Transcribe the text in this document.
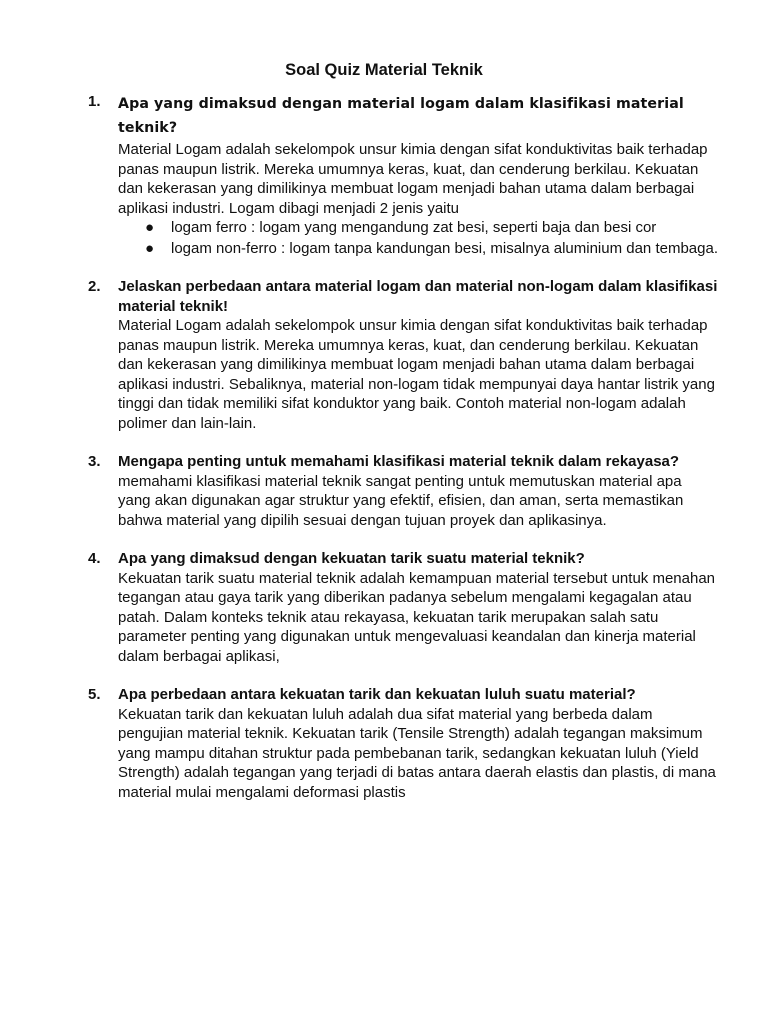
Soal Quiz Material Teknik
1. Apa yang dimaksud dengan material logam dalam klasifikasi material teknik?
Material Logam adalah sekelompok unsur kimia dengan sifat konduktivitas baik terhadap panas maupun listrik. Mereka umumnya keras, kuat, dan cenderung berkilau. Kekuatan dan kekerasan yang dimilikinya membuat logam menjadi bahan utama dalam berbagai aplikasi industri. Logam dibagi menjadi 2 jenis yaitu
● logam ferro : logam yang mengandung zat besi, seperti baja dan besi cor
● logam non-ferro : logam tanpa kandungan besi, misalnya aluminium dan tembaga.
2. Jelaskan perbedaan antara material logam dan material non-logam dalam klasifikasi material teknik!
Material Logam adalah sekelompok unsur kimia dengan sifat konduktivitas baik terhadap panas maupun listrik. Mereka umumnya keras, kuat, dan cenderung berkilau. Kekuatan dan kekerasan yang dimilikinya membuat logam menjadi bahan utama dalam berbagai aplikasi industri. Sebaliknya, material non-logam tidak mempunyai daya hantar listrik yang tinggi dan tidak memiliki sifat konduktor yang baik. Contoh material non-logam adalah polimer dan lain-lain.
3. Mengapa penting untuk memahami klasifikasi material teknik dalam rekayasa?
memahami klasifikasi material teknik sangat penting untuk memutuskan material apa yang akan digunakan agar struktur yang efektif, efisien, dan aman, serta memastikan bahwa material yang dipilih sesuai dengan tujuan proyek dan aplikasinya.
4. Apa yang dimaksud dengan kekuatan tarik suatu material teknik?
Kekuatan tarik suatu material teknik adalah kemampuan material tersebut untuk menahan tegangan atau gaya tarik yang diberikan padanya sebelum mengalami kegagalan atau patah. Dalam konteks teknik atau rekayasa, kekuatan tarik merupakan salah satu parameter penting yang digunakan untuk mengevaluasi keandalan dan kinerja material dalam berbagai aplikasi,
5. Apa perbedaan antara kekuatan tarik dan kekuatan luluh suatu material?
Kekuatan tarik dan kekuatan luluh adalah dua sifat material yang berbeda dalam pengujian material teknik. Kekuatan tarik (Tensile Strength) adalah tegangan maksimum yang mampu ditahan struktur pada pembebanan tarik, sedangkan kekuatan luluh (Yield Strength) adalah tegangan yang terjadi di batas antara daerah elastis dan plastis, di mana material mulai mengalami deformasi plastis
